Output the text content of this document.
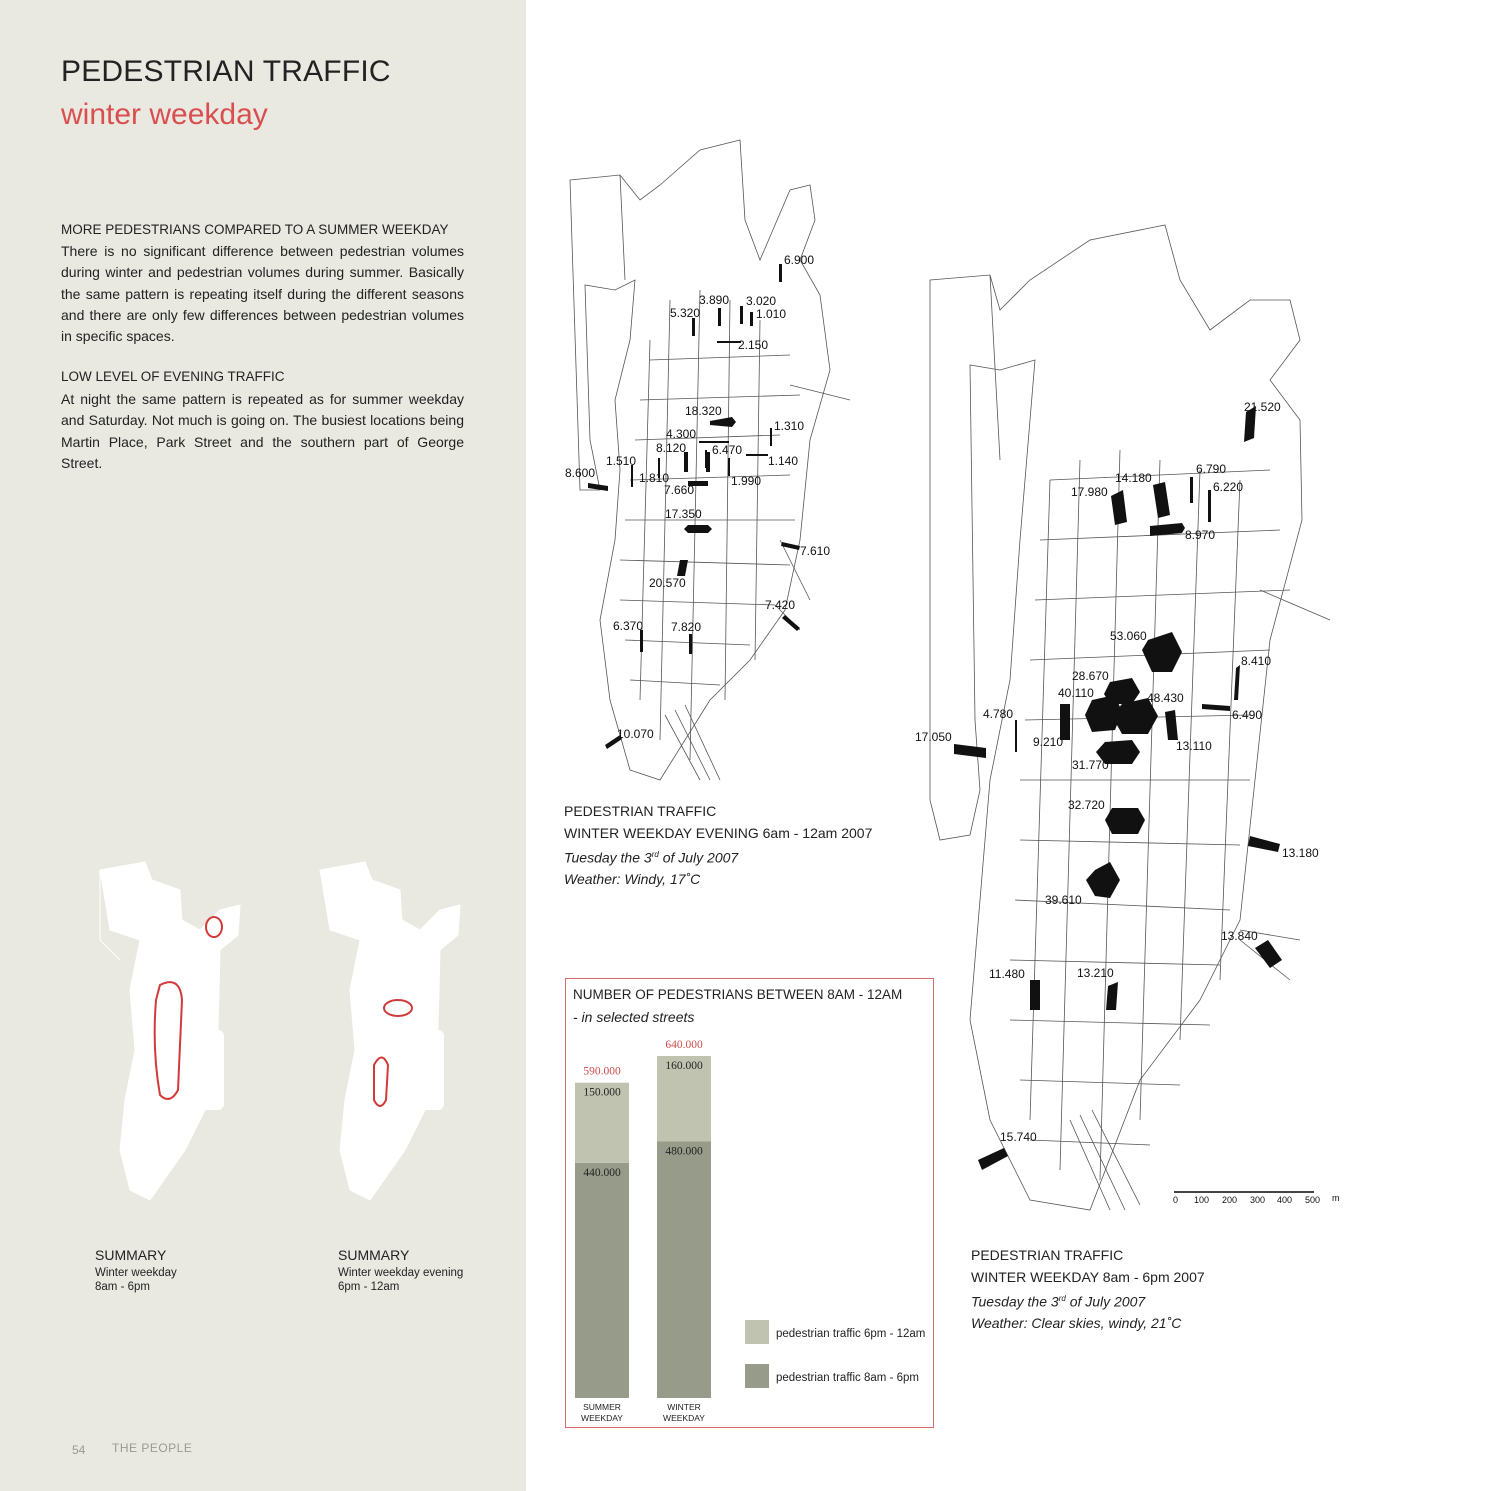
PEDESTRIAN TRAFFIC
winter weekday
MORE PEDESTRIANS COMPARED TO A SUMMER WEEKDAY
There is no significant difference between pedestrian volumes during winter and pedestrian volumes during summer. Basically the same pattern is repeating itself during the different seasons and there are only few differences between pedestrian volumes in specific spaces.
LOW LEVEL OF EVENING TRAFFIC
At night the same pattern is repeated as for summer weekday and Saturday. Not much is going on. The busiest locations being Martin Place, Park Street and the southern part of George Street.
SUMMARY
Winter weekday
8am - 6pm
SUMMARY
Winter weekday evening
6pm - 12am
54 THE PEOPLE
6.900
3.890 3.020
5.320	1.010
2.150
18.320
1.310
4.300
8.120 6.470
1.140
1.510
8.600	1.810
7.660
1.990
17.350
7.610
20.570
7.420
6.370 7.820
10.070
PEDESTRIAN TRAFFIC
WINTER WEEKDAY EVENING 6am - 12am 2007
Tuesday the 3rd of July 2007
Weather: Windy, 17˚C
21.520
14.180
6.790
17.980	6.220
8.970
53.060
8.410
28.670
40.110	48.430
4.780	6.490
17.050	9.210	13.110
31.770
32.720
13.180
39.610
13.840
11.480	13.210
15.740
0 100 200 300 400 500 m
PEDESTRIAN TRAFFIC
WINTER WEEKDAY 8am - 6pm 2007
Tuesday the 3rd of July 2007
Weather: Clear skies, windy, 21˚C
NUMBER OF PEDESTRIANS BETWEEN 8AM - 12AM
- in selected streets
440.000
150.000
590.000
SUMMER
WEEKDAY
480.000
160.000
640.000
WINTER
WEEKDAY
pedestrian traffic 6pm - 12am
pedestrian traffic 8am - 6pm
